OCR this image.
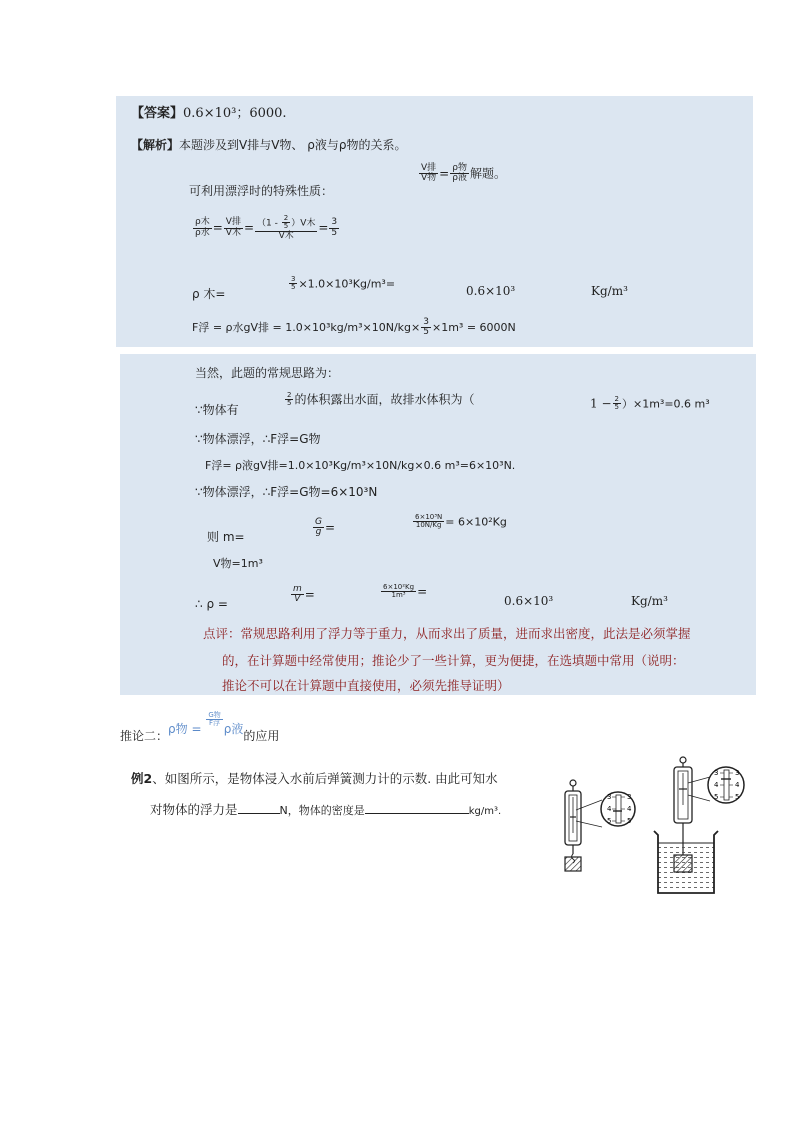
【答案】0.6×10³；6000.
【解析】本题涉及到V排与V物、 ρ液与ρ物的关系。
可利用漂浮时的特殊性质：
$\frac{\text{V排}}{\text{V物}} = \frac{\text{ρ物}}{\text{ρ液}}$ 解题。
$\frac{\text{ρ木}}{\text{ρ水}} = \frac{\text{V排}}{\text{V木}} = \frac{(1 - \frac{2}{5} )V木}{\text{V木}} = \frac{3}{5}$
ρ 木=
$\frac{3}{5} \times 1.0\times 10^3Kg/m^3=$
0.6×10³	Kg/m³
F浮 = ρ水gV排 = $1.0\times 10^3kg/m^3\times 10N/kg\times \frac{3}{5} \times 1m^3 = 6000N$
当然，此题的常规思路为：
∵物体有
$\frac{2}{5}$ 的体积露出水面，故排水体积为（	$1 - \frac{2}{5} )\times 1m^3=0.6$ m³
∵物体漂浮，∴F浮=G物
F浮= ρ液gV排=1.0×10³Kg/m³×10N/kg×0.6 m³=6×10³N.
∵物体漂浮，∴F浮=G物=6×10³N
则 m=	$\frac{G}{g}$ =	$\frac{\text{6×10³N}}{10N/Kg} = 6\times 10^2Kg$
V物=1m³
∴ ρ =	$\frac{m}{V}$ =	$\frac{\text{6×10²Kg}}{\text{1m³}}$ =
0.6×10³	Kg/m³
点评：常规思路利用了浮力等于重力，从而求出了质量，进而求出密度，此法是必须掌握
的，在计算题中经常使用；推论少了一些计算，更为便捷，在选填题中常用（说明：
推论不可以在计算题中直接使用，必须先推导证明）
推论二：ρ物 =
$\frac{\text{G物}}{\text{F浮}}$
ρ液的应用
例2、如图所示，是物体浸入水前后弹簧测力计的示数. 由此可知水
对物体的浮力是	N，物体的密度是	kg/m³.
3
4
5
3
4
5
3
4
5
3
4
5
